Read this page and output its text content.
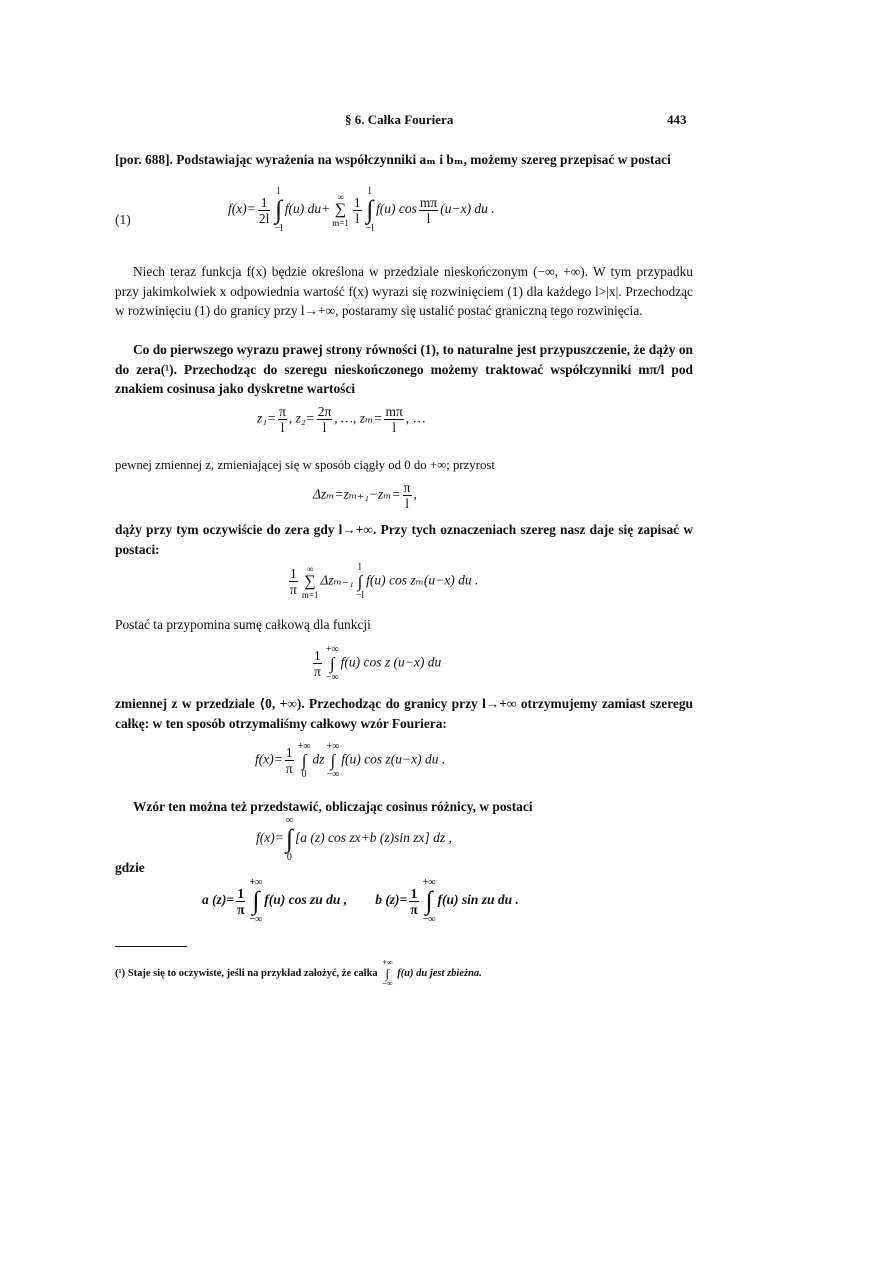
§ 6. Całka Fouriera	443
[por. 688]. Podstawiając wyrażenia na współczynniki aₘ i bₘ, możemy szereg przepisać w postaci
(1)
$f(x)= \frac{1}{2l}$
l
∫
−l
f(u) du+
∞
∑
$m=1 \frac{1}{l}$
l
∫
−l
f(u) $\cos \frac{m\pi}{l} (u-x)$ du .
Niech teraz funkcja f(x) będzie określona w przedziale nieskończonym (−∞, +∞). W tym przypadku przy jakimkolwiek x odpowiednia wartość f(x) wyrazi się rozwinięciem (1) dla każdego l>|x|. Przechodząc w rozwinięciu (1) do granicy przy l→+∞, postaramy się ustalić postać graniczną tego rozwinięcia.
Co do pierwszego wyrazu prawej strony równości (1), to naturalne jest przypuszczenie, że dąży on do zera(¹). Przechodząc do szeregu nieskończonego możemy traktować współczynniki mπ/l pod znakiem cosinusa jako dyskretne wartości
$z_1= \frac{\pi}{l}$ , $z_2= \frac{2\pi}{l}$ , …, $z_m= \frac{m\pi}{l}$ , …
pewnej zmiennej z, zmieniającej się w sposób ciągły od 0 do +∞; przyrost
$\Delta z_m=z_{m+1}-z_m= \frac{\pi}{l}$ ,
dąży przy tym oczywiście do zera gdy l→+∞. Przy tych oznaczeniach szereg nasz daje się zapisać w postaci:
$\frac{1}{\pi}$	∞
∑
m=1
Δzₘ₋₁
l
∫
−l
f(u) cos zₘ(u−x) du .
Postać ta przypomina sumę całkową dla funkcji
$\frac{1}{\pi}$ +∞
∫
−∞
f(u) cos z (u−x) du
zmiennej z w przedziale ⟨0, +∞). Przechodząc do granicy przy l→+∞ otrzymujemy zamiast szeregu całkę: w ten sposób otrzymaliśmy całkowy wzór Fouriera:
$f(x)= \frac{1}{\pi}$ +∞
∫
0
dz
+∞
∫
−∞
f(u) cos z(u−x) du .
Wzór ten można też przedstawić, obliczając cosinus różnicy, w postaci
f(x)=
∞
∫
0
[a (z) cos zx+b (z)sin zx] dz ,
gdzie
a $(z)= \frac{1}{\pi}$
+∞
∫
−∞
f(u) cos zu du , b $(z)= \frac{1}{\pi}$
+∞
∫
−∞
f(u) sin zu du .
(¹) Staje się to oczywiste, jeśli na przykład założyć, że całka
+∞
∫
−∞
f(u) du jest zbieżna.
